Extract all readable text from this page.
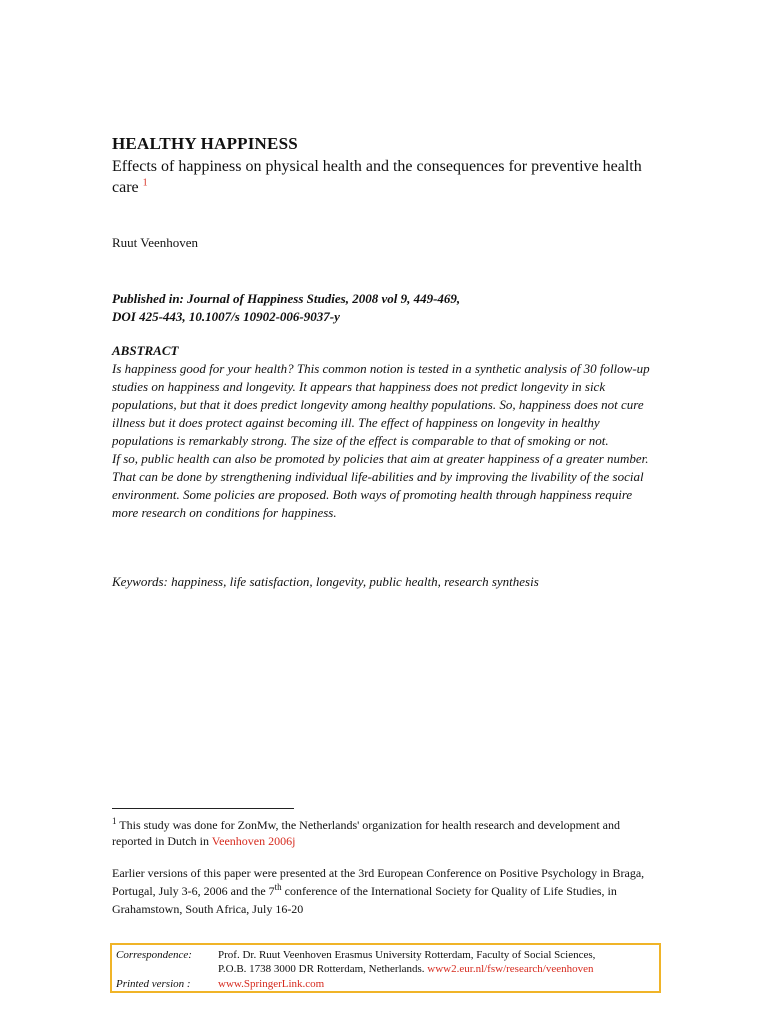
HEALTHY HAPPINESS
Effects of happiness on physical health and the consequences for preventive health care $^1$
Ruut Veenhoven
Published in: Journal of Happiness Studies, 2008 vol 9, 449-469,
DOI 425-443, 10.1007/s 10902-006-9037-y
ABSTRACT

Is happiness good for your health? This common notion is tested in a synthetic analysis of 30 follow-up studies on happiness and longevity. It appears that happiness does not predict longevity in sick populations, but that it does predict longevity among healthy populations. So, happiness does not cure illness but it does protect against becoming ill. The effect of happiness on longevity in healthy populations is remarkably strong. The size of the effect is comparable to that of smoking or not.

If so, public health can also be promoted by policies that aim at greater happiness of a greater number. That can be done by strengthening individual life-abilities and by improving the livability of the social environment. Some policies are proposed. Both ways of promoting health through happiness require more research on conditions for happiness.

Keywords: happiness, life satisfaction, longevity, public health, research synthesis
$^1$ This study was done for ZonMw, the Netherlands' organization for health research and development and reported in Dutch in Veenhoven 2006j
Earlier versions of this paper were presented at the 3rd European Conference on Positive Psychology in Braga, Portugal, July 3-6, 2006 and the 7th conference of the International Society for Quality of Life Studies, in Grahamstown, South Africa, July 16-20
Correspondence: Prof. Dr. Ruut Veenhoven Erasmus University Rotterdam, Faculty of Social Sciences,
P.O.B. 1738 3000 DR Rotterdam, Netherlands. www2.eur.nl/fsw/research/veenhoven
Printed version : www.SpringerLink.com
